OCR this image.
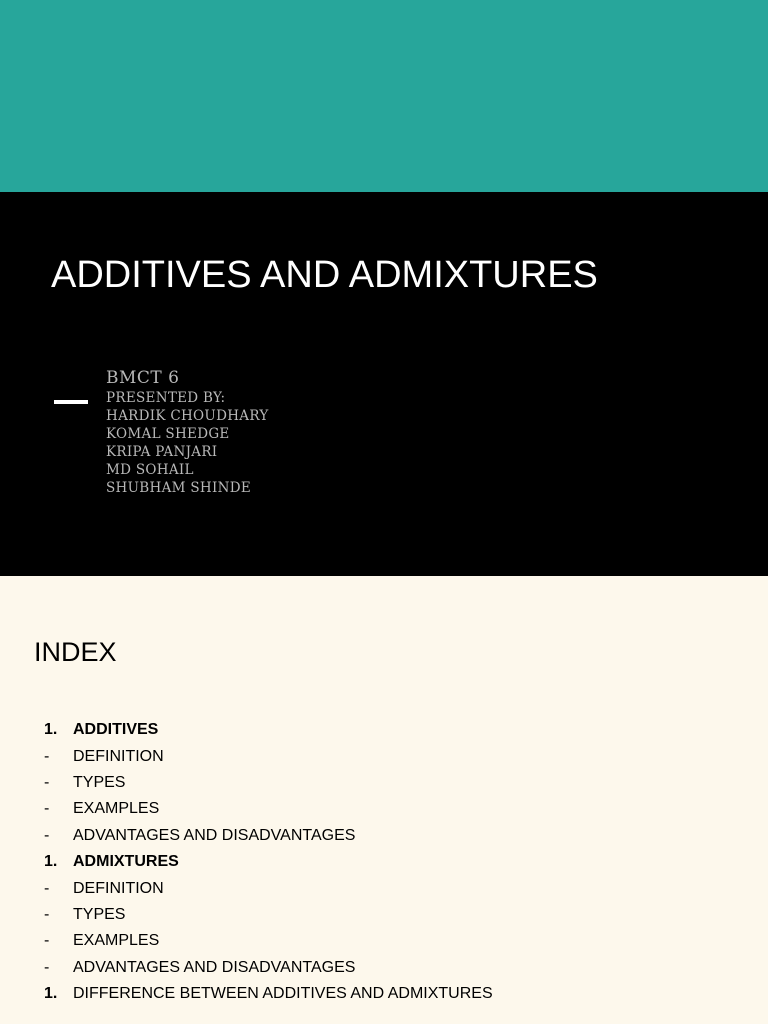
ADDITIVES AND ADMIXTURES
BMCT 6
PRESENTED BY:
HARDIK CHOUDHARY
KOMAL SHEDGE
KRIPA PANJARI
MD SOHAIL
SHUBHAM SHINDE
INDEX
1. ADDITIVES
-	DEFINITION
-	TYPES
-	EXAMPLES
-	ADVANTAGES AND DISADVANTAGES
1. ADMIXTURES
-	DEFINITION
-	TYPES
-	EXAMPLES
-	ADVANTAGES AND DISADVANTAGES
1. DIFFERENCE BETWEEN ADDITIVES AND ADMIXTURES
